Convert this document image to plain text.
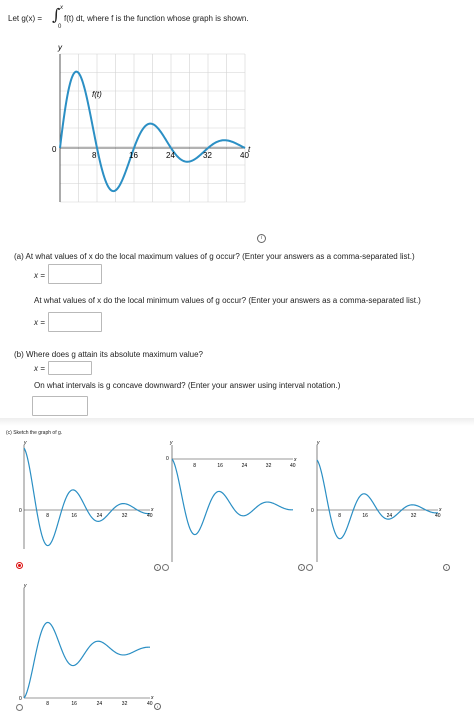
Let g(x) = ∫ x
0
f(t) dt, where f is the function whose graph is shown.
y
t
0
f(t)
8	16	24	32	40
i
(a) At what values of x do the local maximum values of g occur? (Enter your answers as a comma-separated list.)
x =
At what values of x do the local minimum values of g occur? (Enter your answers as a comma-separated list.)
x =
(b) Where does g attain its absolute maximum value?
x =
On what intervals is g concave downward? (Enter your answer using interval notation.)
(c) Sketch the graph of g.
y
x
0
8	16	24	32	40
y
x
0
8	16	24	32	40
i
y
x
0
8	16	24	32	40
i	i
y
x
0
8	16	24	32	40	i
